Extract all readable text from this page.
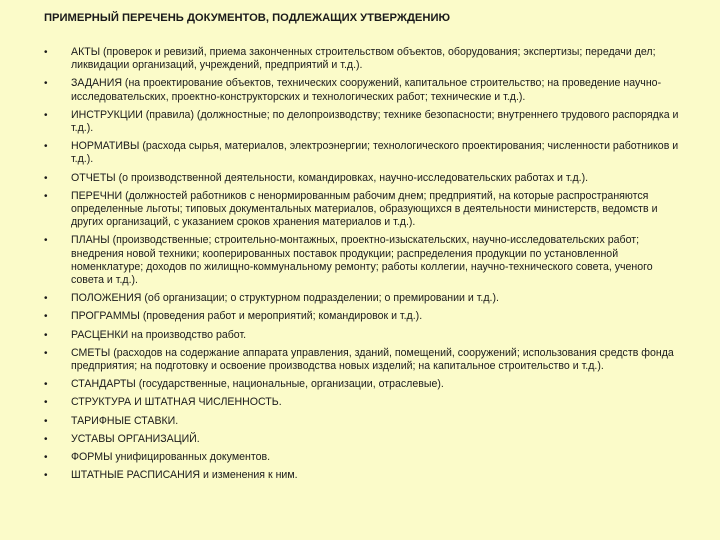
ПРИМЕРНЫЙ ПЕРЕЧЕНЬ ДОКУМЕНТОВ, ПОДЛЕЖАЩИХ УТВЕРЖДЕНИЮ
• АКТЫ (проверок и ревизий, приема законченных строительством объектов, оборудования; экспертизы; передачи дел; ликвидации организаций, учреждений, предприятий и т.д.).
• ЗАДАНИЯ (на проектирование объектов, технических сооружений, капитальное строительство; на проведение научно-исследовательских, проектно-конструкторских и технологических работ; технические и т.д.).
• ИНСТРУКЦИИ (правила) (должностные; по делопроизводству; технике безопасности; внутреннего трудового распорядка и т.д.).
• НОРМАТИВЫ (расхода сырья, материалов, электроэнергии; технологического проектирования; численности работников и т.д.).
• ОТЧЕТЫ (о производственной деятельности, командировках, научно-исследовательских работах и т.д.).
• ПЕРЕЧНИ (должностей работников с ненормированным рабочим днем; предприятий, на которые распространяются определенные льготы; типовых документальных материалов, образующихся в деятельности министерств, ведомств и других организаций, с указанием сроков хранения материалов и т.д.).
• ПЛАНЫ (производственные; строительно-монтажных, проектно-изыскательских, научно-исследовательских работ; внедрения новой техники; кооперированных поставок продукции; распределения продукции по установленной номенклатуре; доходов по жилищно-коммунальному ремонту; работы коллегии, научно-технического совета, ученого совета и т.д.).
• ПОЛОЖЕНИЯ (об организации; о структурном подразделении; о премировании и т.д.).
• ПРОГРАММЫ (проведения работ и мероприятий; командировок и т.д.).
• РАСЦЕНКИ на производство работ.
• СМЕТЫ (расходов на содержание аппарата управления, зданий, помещений, сооружений; использования средств фонда предприятия; на подготовку и освоение производства новых изделий; на капитальное строительство и т.д.).
• СТАНДАРТЫ (государственные, национальные, организации, отраслевые).
• СТРУКТУРА И ШТАТНАЯ ЧИСЛЕННОСТЬ.
• ТАРИФНЫЕ СТАВКИ.
• УСТАВЫ ОРГАНИЗАЦИЙ.
• ФОРМЫ унифицированных документов.
• ШТАТНЫЕ РАСПИСАНИЯ и изменения к ним.
